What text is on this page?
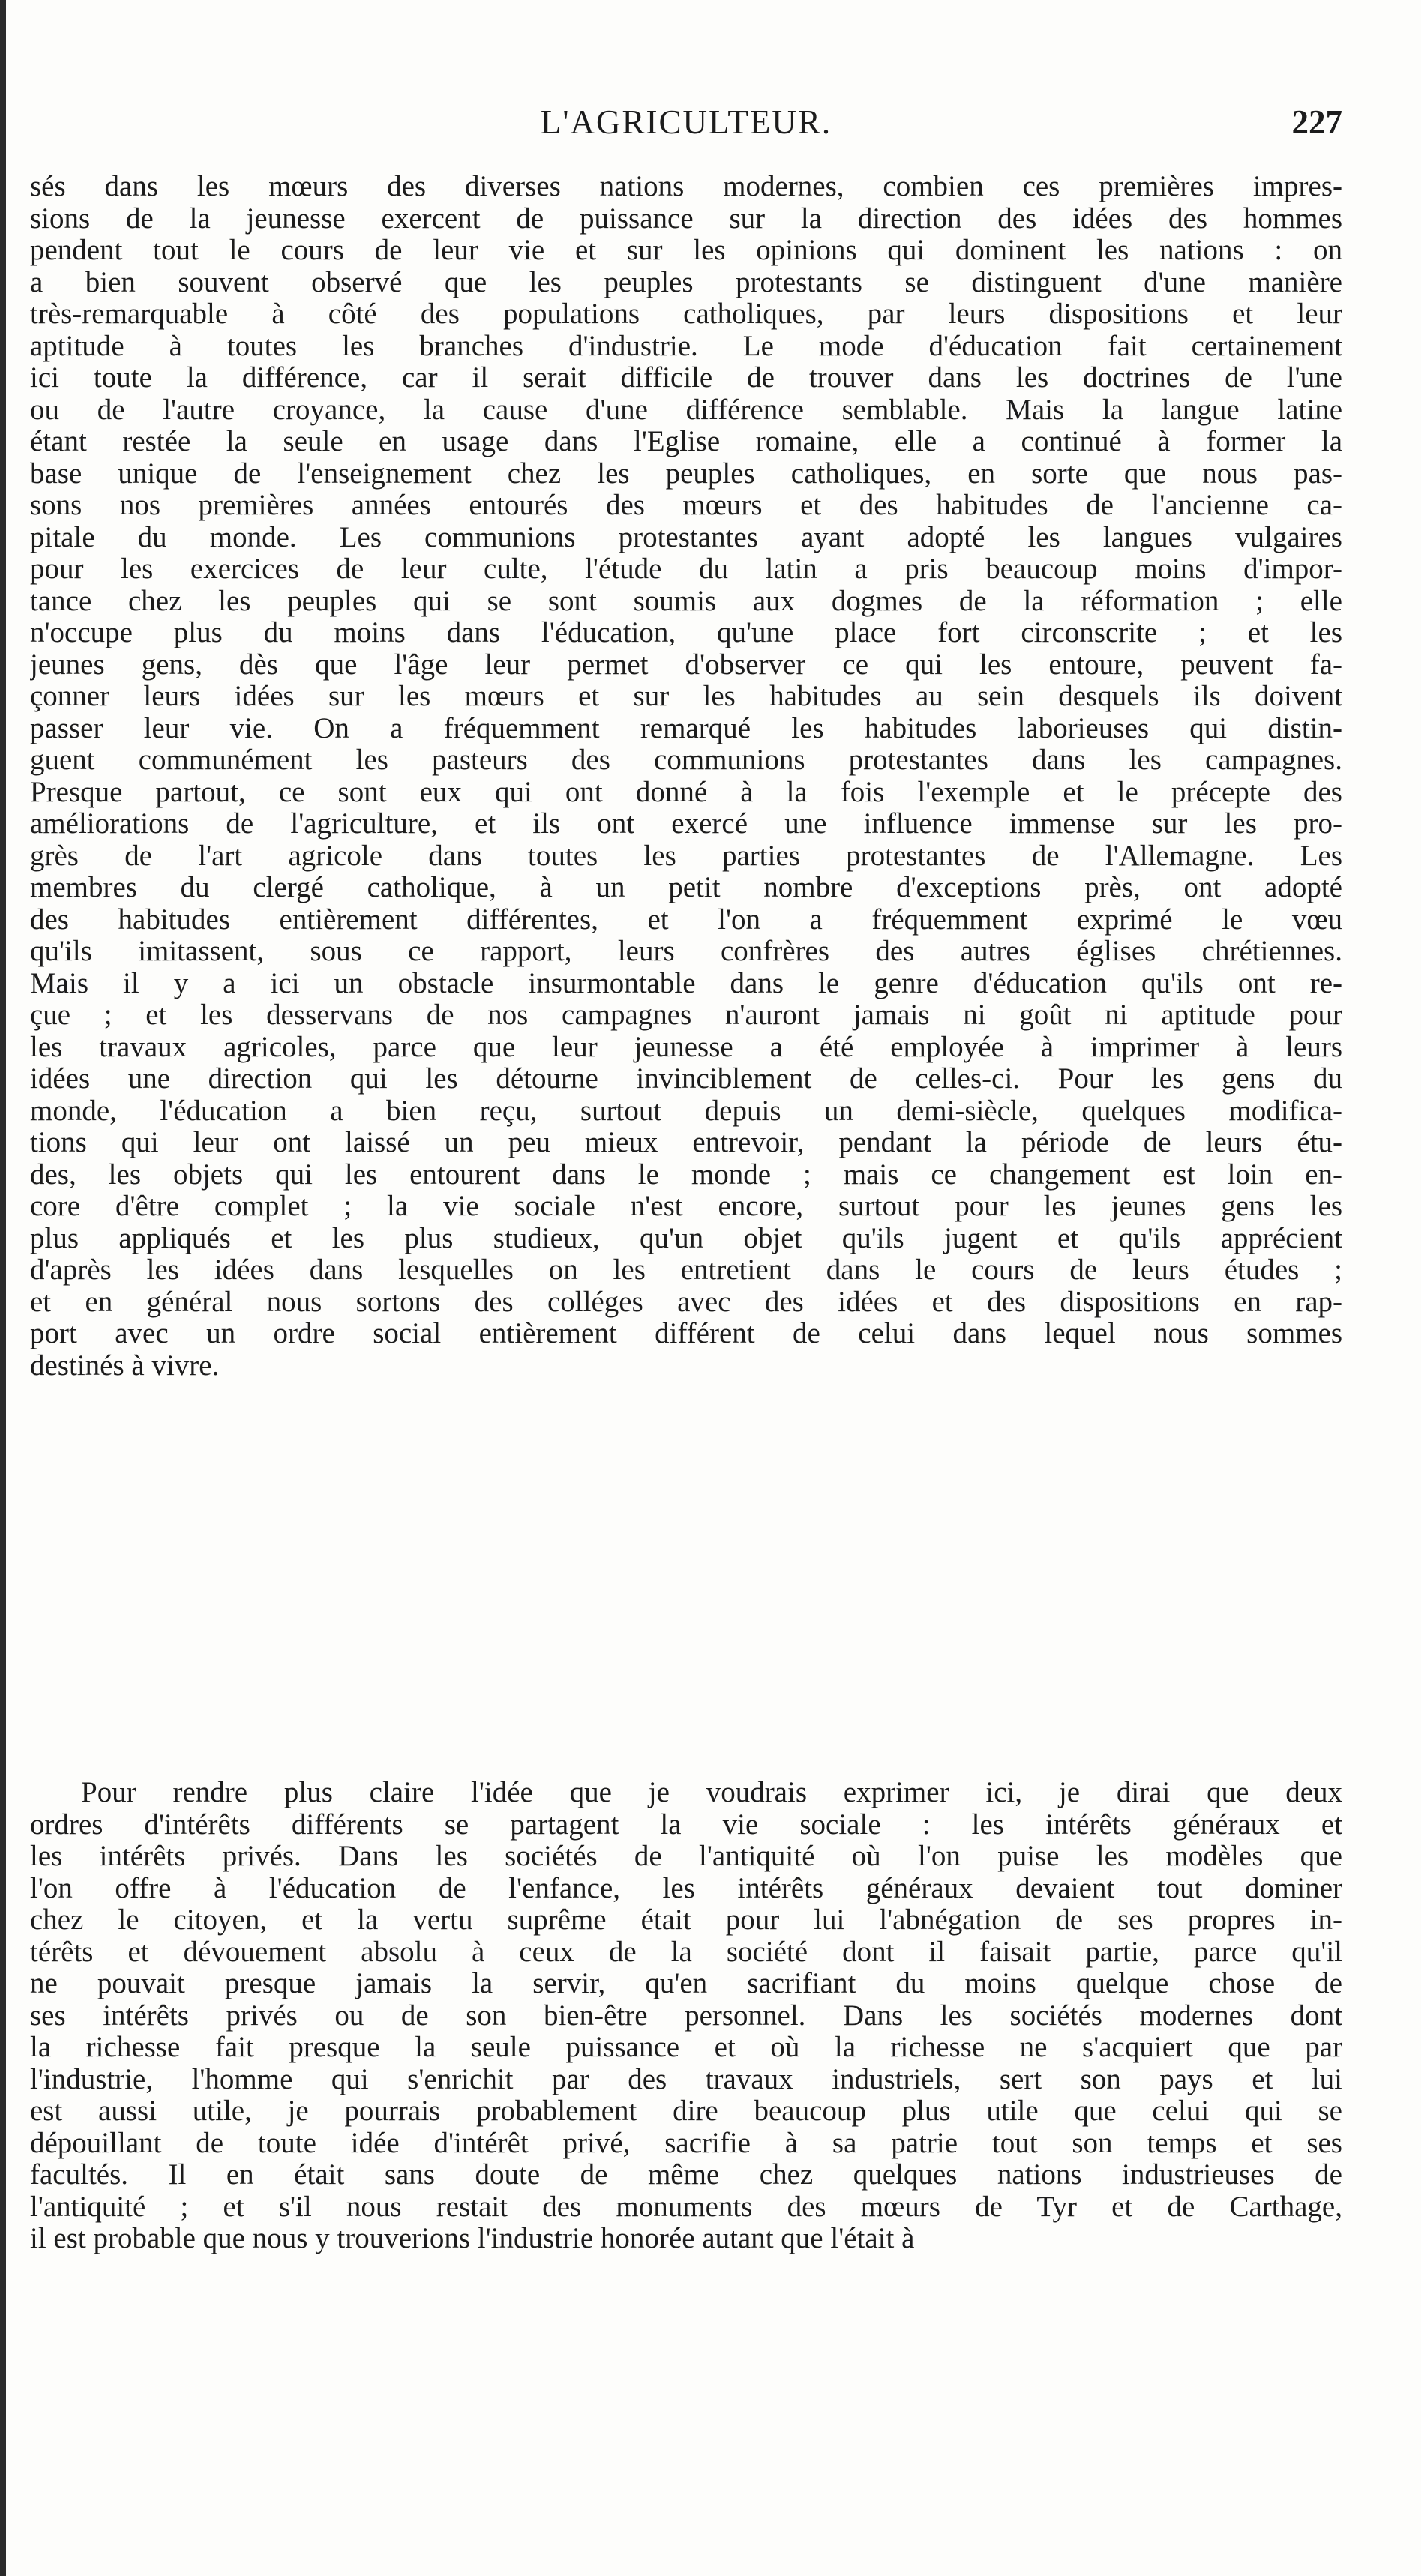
L'AGRICULTEUR.	227
sés dans les mœurs des diverses nations modernes, combien ces premières impres-
sions de la jeunesse exercent de puissance sur la direction des idées des hommes
pendent tout le cours de leur vie et sur les opinions qui dominent les nations : on
a bien souvent observé que les peuples protestants se distinguent d'une manière
très-remarquable à côté des populations catholiques, par leurs dispositions et leur
aptitude à toutes les branches d'industrie. Le mode d'éducation fait certainement
ici toute la différence, car il serait difficile de trouver dans les doctrines de l'une
ou de l'autre croyance, la cause d'une différence semblable. Mais la langue latine
étant restée la seule en usage dans l'Eglise romaine, elle a continué à former la
base unique de l'enseignement chez les peuples catholiques, en sorte que nous pas-
sons nos premières années entourés des mœurs et des habitudes de l'ancienne ca-
pitale du monde. Les communions protestantes ayant adopté les langues vulgaires
pour les exercices de leur culte, l'étude du latin a pris beaucoup moins d'impor-
tance chez les peuples qui se sont soumis aux dogmes de la réformation ; elle
n'occupe plus du moins dans l'éducation, qu'une place fort circonscrite ; et les
jeunes gens, dès que l'âge leur permet d'observer ce qui les entoure, peuvent fa-
çonner leurs idées sur les mœurs et sur les habitudes au sein desquels ils doivent
passer leur vie. On a fréquemment remarqué les habitudes laborieuses qui distin-
guent communément les pasteurs des communions protestantes dans les campagnes.
Presque partout, ce sont eux qui ont donné à la fois l'exemple et le précepte des
améliorations de l'agriculture, et ils ont exercé une influence immense sur les pro-
grès de l'art agricole dans toutes les parties protestantes de l'Allemagne. Les
membres du clergé catholique, à un petit nombre d'exceptions près, ont adopté
des habitudes entièrement différentes, et l'on a fréquemment exprimé le vœu
qu'ils imitassent, sous ce rapport, leurs confrères des autres églises chrétiennes.
Mais il y a ici un obstacle insurmontable dans le genre d'éducation qu'ils ont re-
çue ; et les desservans de nos campagnes n'auront jamais ni goût ni aptitude pour
les travaux agricoles, parce que leur jeunesse a été employée à imprimer à leurs
idées une direction qui les détourne invinciblement de celles-ci. Pour les gens du
monde, l'éducation a bien reçu, surtout depuis un demi-siècle, quelques modifica-
tions qui leur ont laissé un peu mieux entrevoir, pendant la période de leurs étu-
des, les objets qui les entourent dans le monde ; mais ce changement est loin en-
core d'être complet ; la vie sociale n'est encore, surtout pour les jeunes gens les
plus appliqués et les plus studieux, qu'un objet qu'ils jugent et qu'ils apprécient
d'après les idées dans lesquelles on les entretient dans le cours de leurs études ;
et en général nous sortons des colléges avec des idées et des dispositions en rap-
port avec un ordre social entièrement différent de celui dans lequel nous sommes
destinés à vivre.
Pour rendre plus claire l'idée que je voudrais exprimer ici, je dirai que deux
ordres d'intérêts différents se partagent la vie sociale : les intérêts généraux et
les intérêts privés. Dans les sociétés de l'antiquité où l'on puise les modèles que
l'on offre à l'éducation de l'enfance, les intérêts généraux devaient tout dominer
chez le citoyen, et la vertu suprême était pour lui l'abnégation de ses propres in-
térêts et dévouement absolu à ceux de la société dont il faisait partie, parce qu'il
ne pouvait presque jamais la servir, qu'en sacrifiant du moins quelque chose de
ses intérêts privés ou de son bien-être personnel. Dans les sociétés modernes dont
la richesse fait presque la seule puissance et où la richesse ne s'acquiert que par
l'industrie, l'homme qui s'enrichit par des travaux industriels, sert son pays et lui
est aussi utile, je pourrais probablement dire beaucoup plus utile que celui qui se
dépouillant de toute idée d'intérêt privé, sacrifie à sa patrie tout son temps et ses
facultés. Il en était sans doute de même chez quelques nations industrieuses de
l'antiquité ; et s'il nous restait des monuments des mœurs de Tyr et de Carthage,
il est probable que nous y trouverions l'industrie honorée autant que l'était à
